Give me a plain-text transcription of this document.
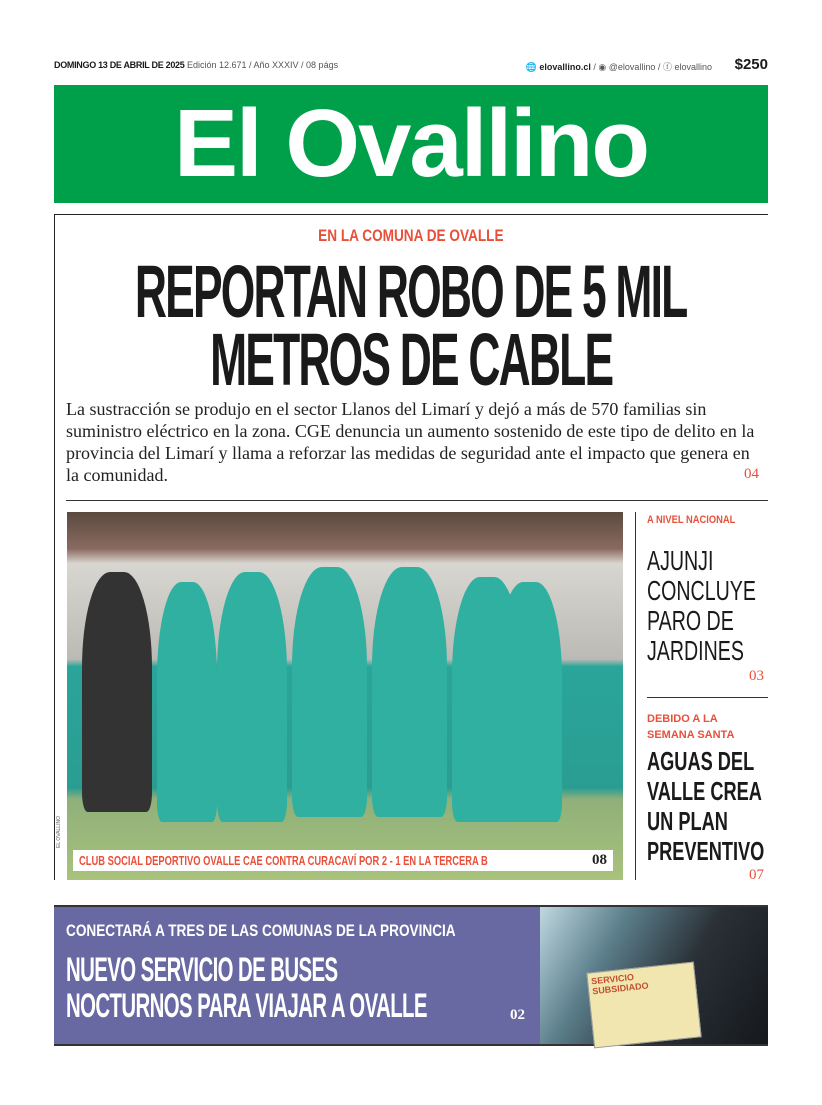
DOMINGO 13 DE ABRIL DE 2025 Edición 12.671 / Año XXXIV / 08 págs	🌐 elovallino.cl / ◉ @elovallino / ⓕ elovallino $250
El Ovallino
EN LA COMUNA DE OVALLE
REPORTAN ROBO DE 5 MIL
METROS DE CABLE
La sustracción se produjo en el sector Llanos del Limarí y dejó a más de 570 familias sin suministro eléctrico en la zona. CGE denuncia un aumento sostenido de este tipo de delito en la provincia del Limarí y llama a reforzar las medidas de seguridad ante el impacto que genera en la comunidad.	04
CLUB SOCIAL DEPORTIVO OVALLE CAE CONTRA CURACAVÍ POR 2 - 1 EN LA TERCERA B	08
EL OVALLINO
A NIVEL NACIONAL
AJUNJI
CONCLUYE
PARO DE
JARDINES
03
DEBIDO A LA SEMANA SANTA
AGUAS DEL
VALLE CREA
UN PLAN
PREVENTIVO
07
CONECTARÁ A TRES DE LAS COMUNAS DE LA PROVINCIA
NUEVO SERVICIO DE BUSES
NOCTURNOS PARA VIAJAR A OVALLE	02
SERVICIO SUBSIDIADO
